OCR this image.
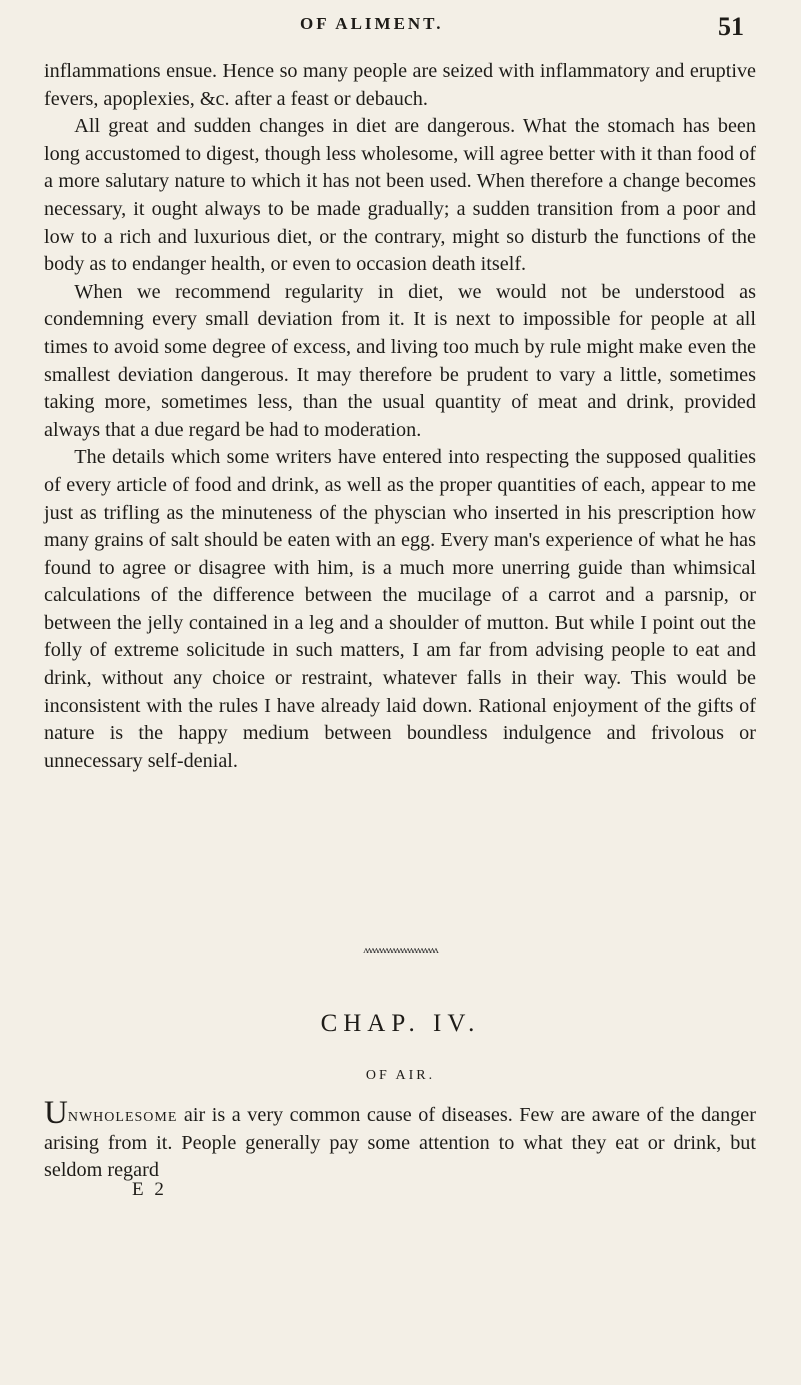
OF ALIMENT.	51

inflammations ensue. Hence so many people are seized with inflammatory and eruptive fevers, apoplexies, &c. after a feast or debauch.

All great and sudden changes in diet are dangerous. What the stomach has been long accustomed to digest, though less wholesome, will agree better with it than food of a more salutary nature to which it has not been used. When therefore a change becomes necessary, it ought always to be made gradually; a sudden transition from a poor and low to a rich and luxurious diet, or the contrary, might so disturb the functions of the body as to endanger health, or even to occasion death itself.

When we recommend regularity in diet, we would not be understood as condemning every small deviation from it. It is next to impossible for people at all times to avoid some degree of excess, and living too much by rule might make even the smallest deviation dangerous. It may therefore be prudent to vary a little, sometimes taking more, sometimes less, than the usual quantity of meat and drink, provided always that a due regard be had to moderation.

The details which some writers have entered into respecting the supposed qualities of every article of food and drink, as well as the proper quantities of each, appear to me just as trifling as the minuteness of the physcian who inserted in his prescription how many grains of salt should be eaten with an egg. Every man's experience of what he has found to agree or disagree with him, is a much more unerring guide than whimsical calculations of the difference between the mucilage of a carrot and a parsnip, or between the jelly contained in a leg and a shoulder of mutton. But while I point out the folly of extreme solicitude in such matters, I am far from advising people to eat and drink, without any choice or restraint, whatever falls in their way. This would be inconsistent with the rules I have already laid down. Rational enjoyment of the gifts of nature is the happy medium between boundless indulgence and frivolous or unnecessary self-denial.

ʌʌʌʌʌʌʌʌʌʌʌʌʌʌʌʌʌʌʌʌʌ
CHAP. IV.
OF AIR.
Unwholesome air is a very common cause of diseases. Few are aware of the danger arising from it. People generally pay some attention to what they eat or drink, but seldom regard
E 2
